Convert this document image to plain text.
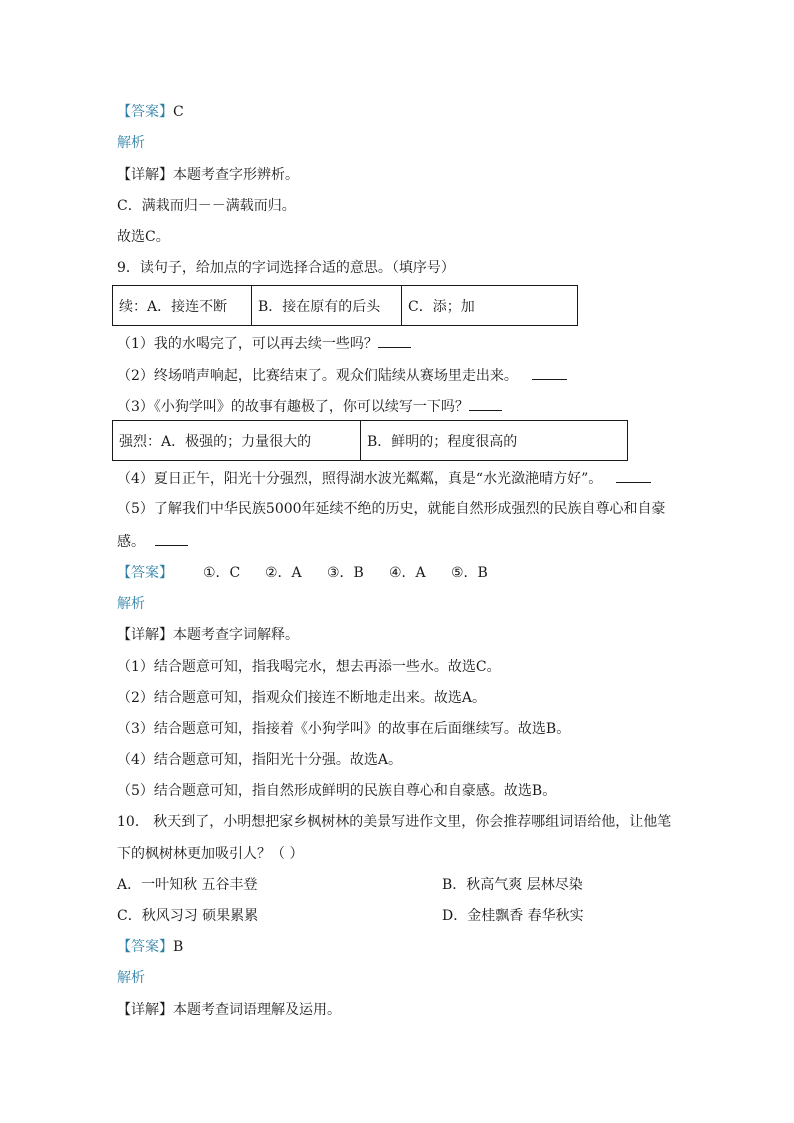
【答案】C
解析
【详解】本题考查字形辨析。
C．满栽而归－－满载而归。
故选C。
9．读句子，给加点的字词选择合适的意思。（填序号）
续：A．接连不断	B．接在原有的后头	C．添；加
（1）我的水喝完了，可以再去续一些吗？
（2）终场哨声响起，比赛结束了。观众们陆续从赛场里走出来。
（3）《小狗学叫》的故事有趣极了，你可以续写一下吗？
强烈：A．极强的；力量很大的	B．鲜明的；程度很高的
（4）夏日正午，阳光十分强烈，照得湖水波光粼粼，真是“水光潋滟晴方好”。
（5）了解我们中华民族5000年延续不绝的历史，就能自然形成强烈的民族自尊心和自豪
感。
【答案】 ①．C ②．A ③．B ④．A ⑤．B
解析
【详解】本题考查字词解释。
（1）结合题意可知，指我喝完水，想去再添一些水。故选C。
（2）结合题意可知，指观众们接连不断地走出来。故选A。
（3）结合题意可知，指接着《小狗学叫》的故事在后面继续写。故选B。
（4）结合题意可知，指阳光十分强。故选A。
（5）结合题意可知，指自然形成鲜明的民族自尊心和自豪感。故选B。
10． 秋天到了，小明想把家乡枫树林的美景写进作文里，你会推荐哪组词语给他，让他笔
下的枫树林更加吸引人？（ ）
A．一叶知秋 五谷丰登	B．秋高气爽 层林尽染
C．秋风习习 硕果累累	D．金桂飘香 春华秋实
【答案】B
解析
【详解】本题考查词语理解及运用。
